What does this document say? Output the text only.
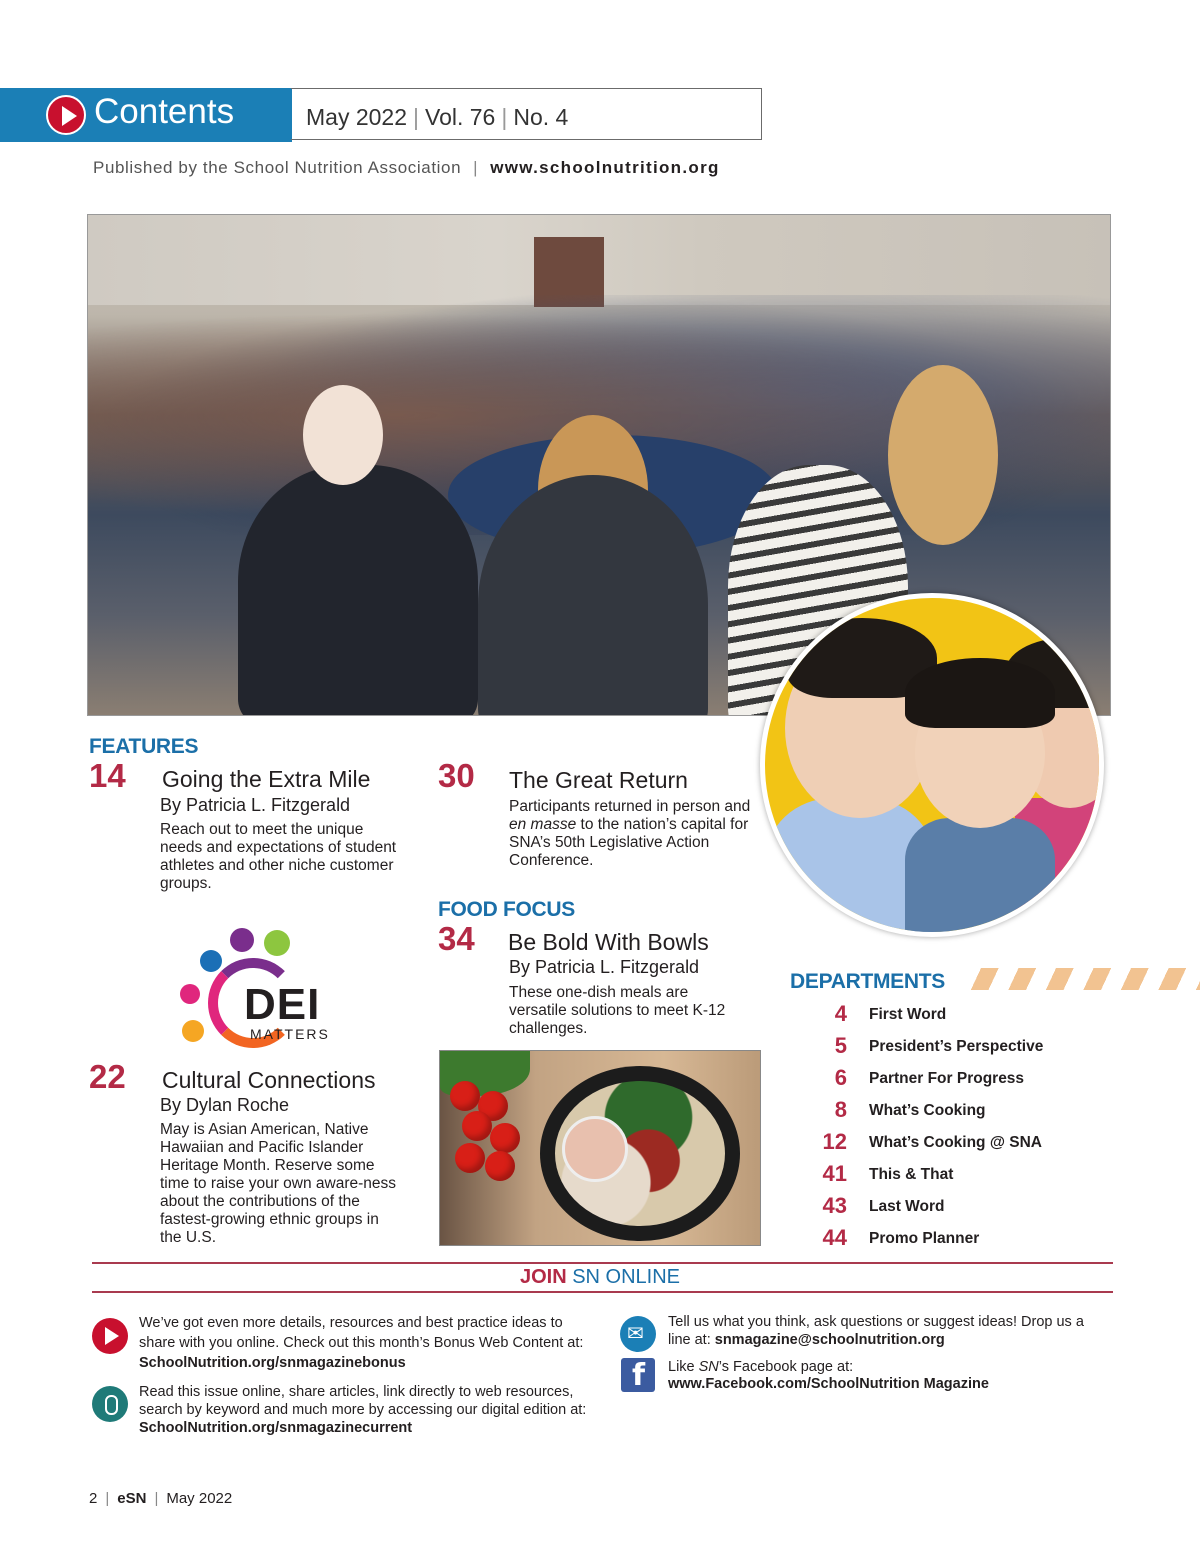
Contents	May 2022 | Vol. 76 | No. 4
Published by the School Nutrition Association | www.schoolnutrition.org
FEATURES
14 Going the Extra Mile
By Patricia L. Fitzgerald
Reach out to meet the unique needs and expectations of student athletes and other niche customer groups.
30 The Great Return
Participants returned in person and en masse to the nation’s capital for SNA’s 50th Legislative Action Conference.
DEI
MATTERS
22 Cultural Connections
By Dylan Roche
May is Asian American, Native Hawaiian and Pacific Islander Heritage Month. Reserve some time to raise your own aware-ness about the contributions of the fastest-growing ethnic groups in the U.S.
FOOD FOCUS
34 Be Bold With Bowls
By Patricia L. Fitzgerald
These one-dish meals are versatile solutions to meet K-12 challenges.
DEPARTMENTS
4 First Word
5 President’s Perspective
6 Partner For Progress
8 What’s Cooking
12 What’s Cooking @ SNA
41 This & That
43 Last Word
44 Promo Planner
JOIN SN ONLINE
We’ve got even more details, resources and best practice ideas to share with you online. Check out this month’s Bonus Web Content at: SchoolNutrition.org/snmagazinebonus
Read this issue online, share articles, link directly to web resources, search by keyword and much more by accessing our digital edition at: SchoolNutrition.org/snmagazinecurrent
✉
Tell us what you think, ask questions or suggest ideas! Drop us a line at: snmagazine@schoolnutrition.org
f
Like SN’s Facebook page at: www.Facebook.com/SchoolNutrition Magazine
2 | eSN | May 2022
